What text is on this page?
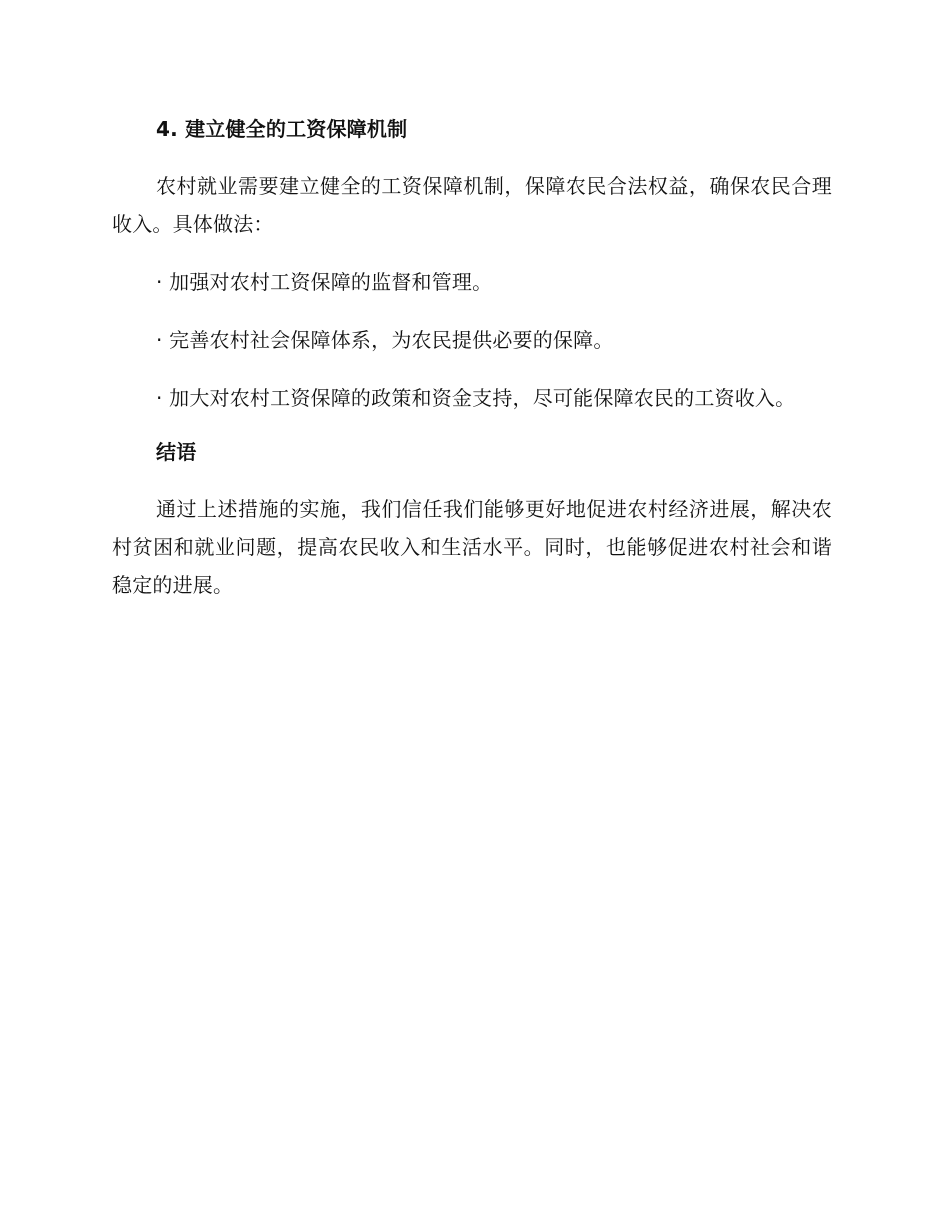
4. 建立健全的工资保障机制

农村就业需要建立健全的工资保障机制，保障农民合法权益，确保农民合理收入。具体做法：

· 加强对农村工资保障的监督和管理。

· 完善农村社会保障体系，为农民提供必要的保障。

· 加大对农村工资保障的政策和资金支持，尽可能保障农民的工资收入。

结语

通过上述措施的实施，我们信任我们能够更好地促进农村经济进展，解决农村贫困和就业问题，提高农民收入和生活水平。同时，也能够促进农村社会和谐稳定的进展。
